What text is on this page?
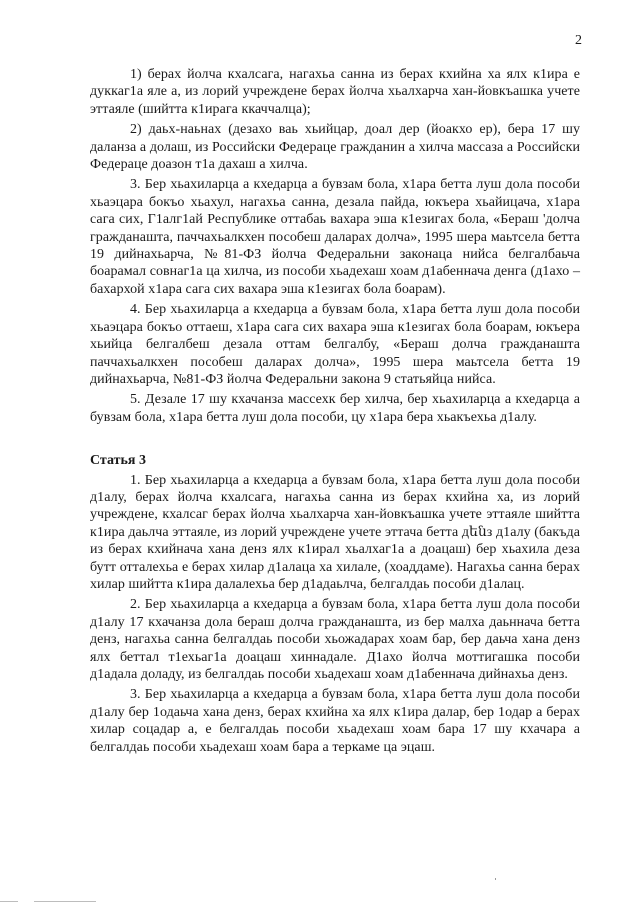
2

1) берах йолча кхалсага, нагахьа санна из берах кхийна ха ялх к1ира е дуккаг1а яле а, из лорий учреждене берах йолча хьалхарча хан-йовкъашка учете эттаяле (шийтта к1ирага ккаччалца);

2) даьх-наьнах (дезахо ваь хьийцар, доал дер (йоакхо ер), бера 17 шу даланза а долаш, из Российски Федераце гражданин а хилча массаза а Российски Федераце доазон т1а дахаш а хилча.

3. Бер хьахиларца а кхедарца а бувзам бола, х1ара бетта луш дола пособи хьаэцара бокъо хьахул, нагахьа санна, дезала пайда, юкъера хьайицача, х1ара сага сих, Г1алг1ай Республике оттабаь вахара эша к1езигах бола, «Бераш 'долча гражданашта, паччахьалкхен пособеш даларах долча», 1995 шера маьтсела бетта 19 дийнахьарча, №81-ФЗ йолча Федеральни законаца нийса белгалбаьча боарамал совнаг1а ца хилча, из пособи хьадехаш хоам д1абеннача денга (д1ахо – бахархой х1ара сага сих вахара эша к1езигах бола боарам).

4. Бер хьахиларца а кхедарца а бувзам бола, х1ара бетта луш дола пособи хьаэцара бокъо оттаеш, х1ара сага сих вахара эша к1езигах бола боарам, юкъера хьийца белгалбеш дезала оттам белгалбу, «Бераш долча гражданашта паччахьалкхен пособеш даларах долча», 1995 шера маьтсела бетта 19 дийнахьарча, №81-ФЗ йолча Федеральни закона 9 статьяйца нийса.

5. Дезале 17 шу кхачанза массехк бер хилча, бер хьахиларца а кхедарца а бувзам бола, х1ара бетта луш дола пособи, цу х1ара бера хьакъехьа д1алу.

Статья 3

1. Бер хьахиларца а кхедарца а бувзам бола, х1ара бетта луш дола пособи д1алу, берах йолча кхалсага, нагахьа санна из берах кхийна ха, из лорий учреждене, кхалсаг берах йолча хьалхарча хан-йовкъашка учете эттаяле шийтта к1ира даьлча эттаяле, из лорий учреждене учете эттача бетта дենз д1алу (бакъда из берах кхийнача хана денз ялх к1ирал хьалхаг1а а доацаш) бер хьахила деза бутт отталехьа е берах хилар д1алаца ха хилале, (хоаддаме). Нагахьа санна берах хилар шийтта к1ира далалехьа бер д1адаьлча, белгалдаь пособи д1алац.

2. Бер хьахиларца а кхедарца а бувзам бола, х1ара бетта луш дола пособи д1алу 17 кхачанза дола бераш долча гражданашта, из бер малха даьннача бетта денз, нагахьа санна белгалдаь пособи хьожадарах хоам бар, бер даьча хана денз ялх беттал т1ехьаг1а доацаш хиннадале. Д1ахо йолча моттигашка пособи д1адала доладу, из белгалдаь пособи хьадехаш хоам д1абеннача дийнахьа денз.

3. Бер хьахиларца а кхедарца а бувзам бола, х1ара бетта луш дола пособи д1алу бер 1одаьча хана денз, берах кхийна ха ялх к1ира далар, бер 1одар а берах хилар соцадар а, е белгалдаь пособи хьадехаш хоам бара 17 шу кхачара а белгалдаь пособи хьадехаш хоам бара а теркаме ца эцаш.
